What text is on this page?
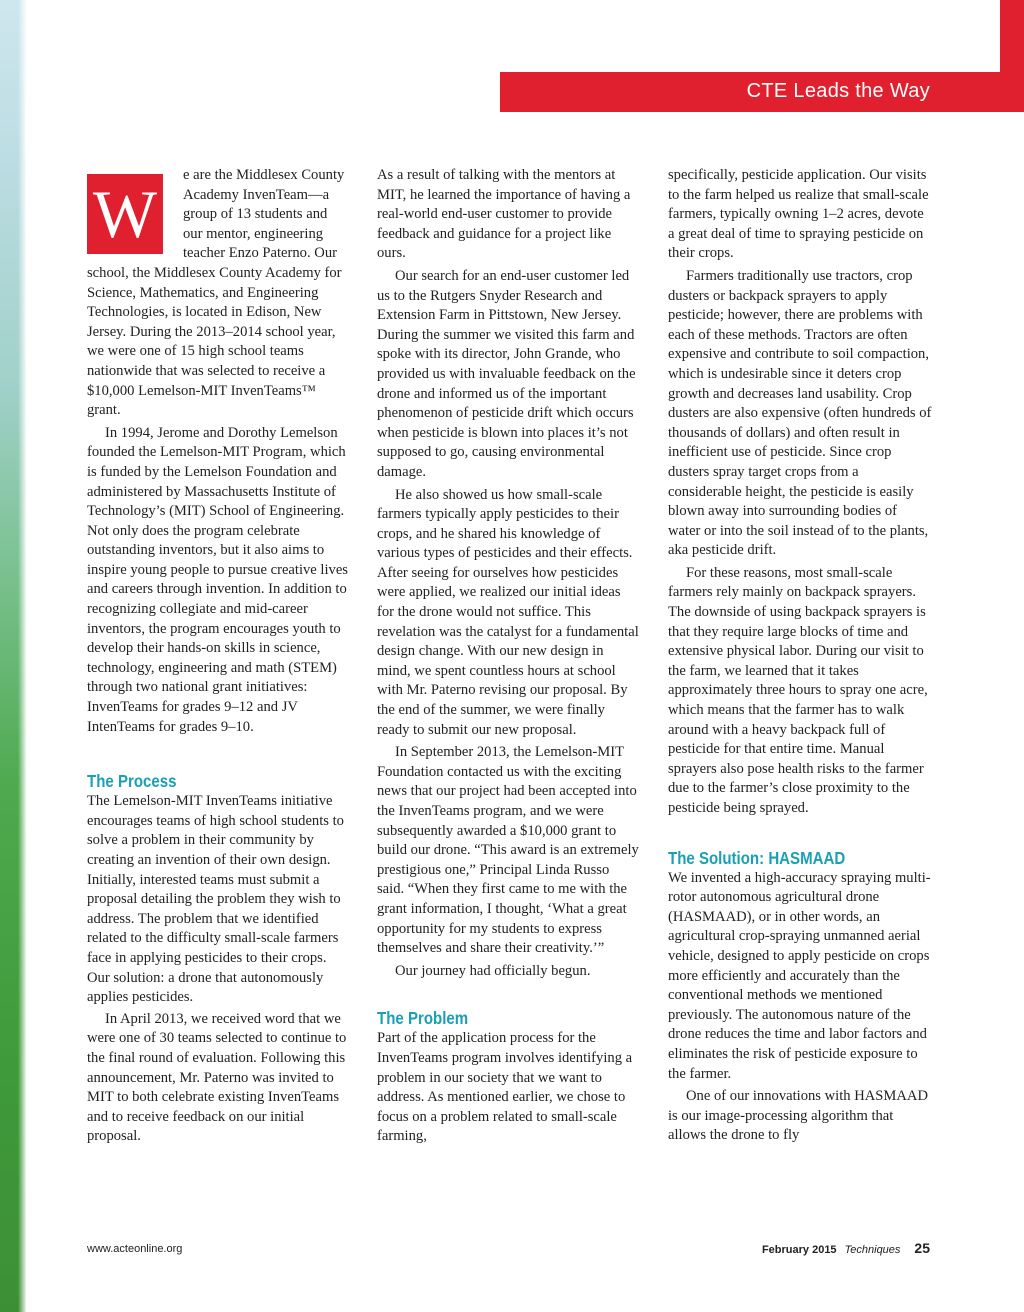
CTE Leads the Way
W

e are the Middlesex County Academy InvenTeam—a group of 13 students and our mentor, engineering teacher Enzo Paterno. Our school, the Middlesex County Academy for Science, Mathematics, and Engineering Technologies, is located in Edison, New Jersey. During the 2013–2014 school year, we were one of 15 high school teams nationwide that was selected to receive a $10,000 Lemelson-MIT InvenTeams™ grant.

In 1994, Jerome and Dorothy Lemelson founded the Lemelson-MIT Program, which is funded by the Lemelson Foundation and administered by Massachusetts Institute of Technology’s (MIT) School of Engineering. Not only does the program celebrate outstanding inventors, but it also aims to inspire young people to pursue creative lives and careers through invention. In addition to recognizing collegiate and mid-career inventors, the program encourages youth to develop their hands-on skills in science, technology, engineering and math (STEM) through two national grant initiatives: InvenTeams for grades 9–12 and JV IntenTeams for grades 9–10.

The Process

The Lemelson-MIT InvenTeams initiative encourages teams of high school students to solve a problem in their community by creating an invention of their own design. Initially, interested teams must submit a proposal detailing the problem they wish to address. The problem that we identified related to the difficulty small-scale farmers face in applying pesticides to their crops. Our solution: a drone that autonomously applies pesticides.

In April 2013, we received word that we were one of 30 teams selected to continue to the final round of evaluation. Following this announcement, Mr. Paterno was invited to MIT to both celebrate existing InvenTeams and to receive feedback on our initial proposal.

As a result of talking with the mentors at MIT, he learned the importance of having a real-world end-user customer to provide feedback and guidance for a project like ours.

Our search for an end-user customer led us to the Rutgers Snyder Research and Extension Farm in Pittstown, New Jersey. During the summer we visited this farm and spoke with its director, John Grande, who provided us with invaluable feedback on the drone and informed us of the important phenomenon of pesticide drift which occurs when pesticide is blown into places it’s not supposed to go, causing environmental damage.

He also showed us how small-scale farmers typically apply pesticides to their crops, and he shared his knowledge of various types of pesticides and their effects. After seeing for ourselves how pesticides were applied, we realized our initial ideas for the drone would not suffice. This revelation was the catalyst for a fundamental design change. With our new design in mind, we spent countless hours at school with Mr. Paterno revising our proposal. By the end of the summer, we were finally ready to submit our new proposal.

In September 2013, the Lemelson-MIT Foundation contacted us with the exciting news that our project had been accepted into the InvenTeams program, and we were subsequently awarded a $10,000 grant to build our drone. “This award is an extremely prestigious one,” Principal Linda Russo said. “When they first came to me with the grant information, I thought, ‘What a great opportunity for my students to express themselves and share their creativity.’”

Our journey had officially begun.

The Problem

Part of the application process for the InvenTeams program involves identifying a problem in our society that we want to address. As mentioned earlier, we chose to focus on a problem related to small-scale farming,

specifically, pesticide application. Our visits to the farm helped us realize that small-scale farmers, typically owning 1–2 acres, devote a great deal of time to spraying pesticide on their crops.

Farmers traditionally use tractors, crop dusters or backpack sprayers to apply pesticide; however, there are problems with each of these methods. Tractors are often expensive and contribute to soil compaction, which is undesirable since it deters crop growth and decreases land usability. Crop dusters are also expensive (often hundreds of thousands of dollars) and often result in inefficient use of pesticide. Since crop dusters spray target crops from a considerable height, the pesticide is easily blown away into surrounding bodies of water or into the soil instead of to the plants, aka pesticide drift.

For these reasons, most small-scale farmers rely mainly on backpack sprayers. The downside of using backpack sprayers is that they require large blocks of time and extensive physical labor. During our visit to the farm, we learned that it takes approximately three hours to spray one acre, which means that the farmer has to walk around with a heavy backpack full of pesticide for that entire time. Manual sprayers also pose health risks to the farmer due to the farmer’s close proximity to the pesticide being sprayed.

The Solution: HASMAAD

We invented a high-accuracy spraying multi-rotor autonomous agricultural drone (HASMAAD), or in other words, an agricultural crop-spraying unmanned aerial vehicle, designed to apply pesticide on crops more efficiently and accurately than the conventional methods we mentioned previously. The autonomous nature of the drone reduces the time and labor factors and eliminates the risk of pesticide exposure to the farmer.

One of our innovations with HASMAAD is our image-processing algorithm that allows the drone to fly

www.acteonline.org	February 2015 Techniques 25
